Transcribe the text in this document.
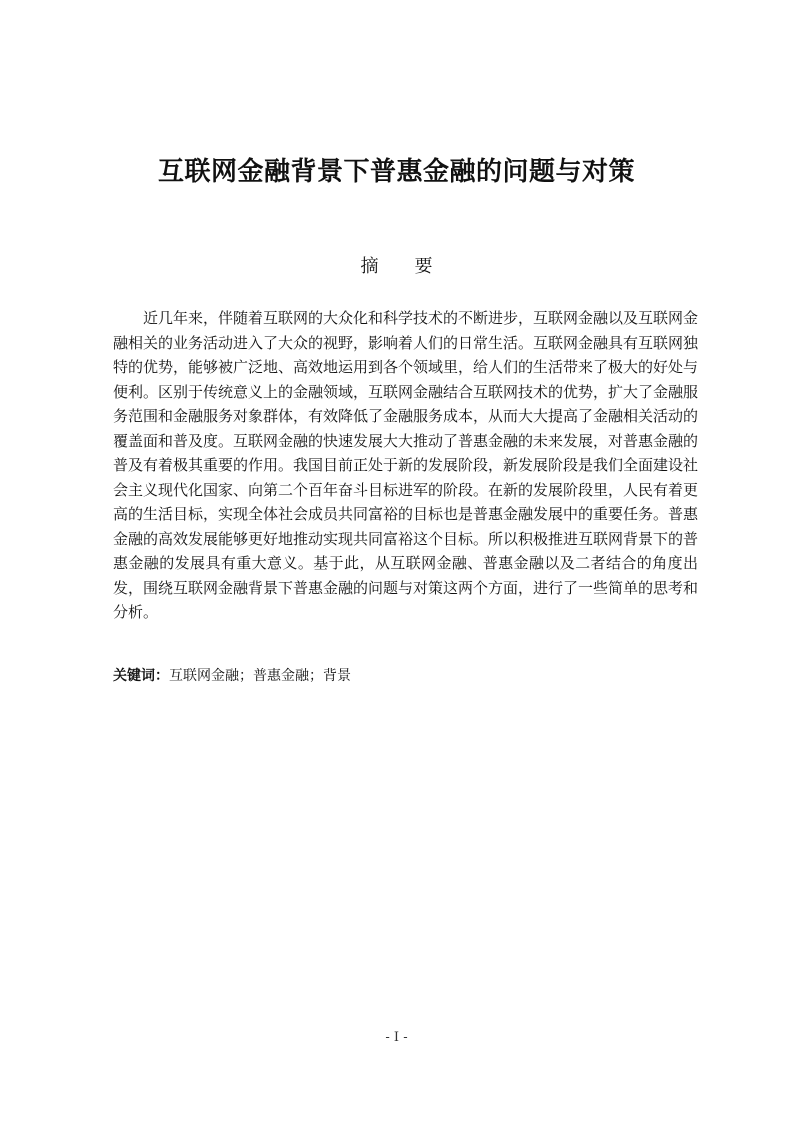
互联网金融背景下普惠金融的问题与对策
摘　　要

近几年来，伴随着互联网的大众化和科学技术的不断进步，互联网金融以及互联网金融相关的业务活动进入了大众的视野，影响着人们的日常生活。互联网金融具有互联网独特的优势，能够被广泛地、高效地运用到各个领域里，给人们的生活带来了极大的好处与便利。区别于传统意义上的金融领域，互联网金融结合互联网技术的优势，扩大了金融服务范围和金融服务对象群体，有效降低了金融服务成本，从而大大提高了金融相关活动的覆盖面和普及度。互联网金融的快速发展大大推动了普惠金融的未来发展，对普惠金融的普及有着极其重要的作用。我国目前正处于新的发展阶段，新发展阶段是我们全面建设社会主义现代化国家、向第二个百年奋斗目标进军的阶段。在新的发展阶段里，人民有着更高的生活目标，实现全体社会成员共同富裕的目标也是普惠金融发展中的重要任务。普惠金融的高效发展能够更好地推动实现共同富裕这个目标。所以积极推进互联网背景下的普惠金融的发展具有重大意义。基于此，从互联网金融、普惠金融以及二者结合的角度出发，围绕互联网金融背景下普惠金融的问题与对策这两个方面，进行了一些简单的思考和分析。

关键词：互联网金融；普惠金融；背景
- I -
